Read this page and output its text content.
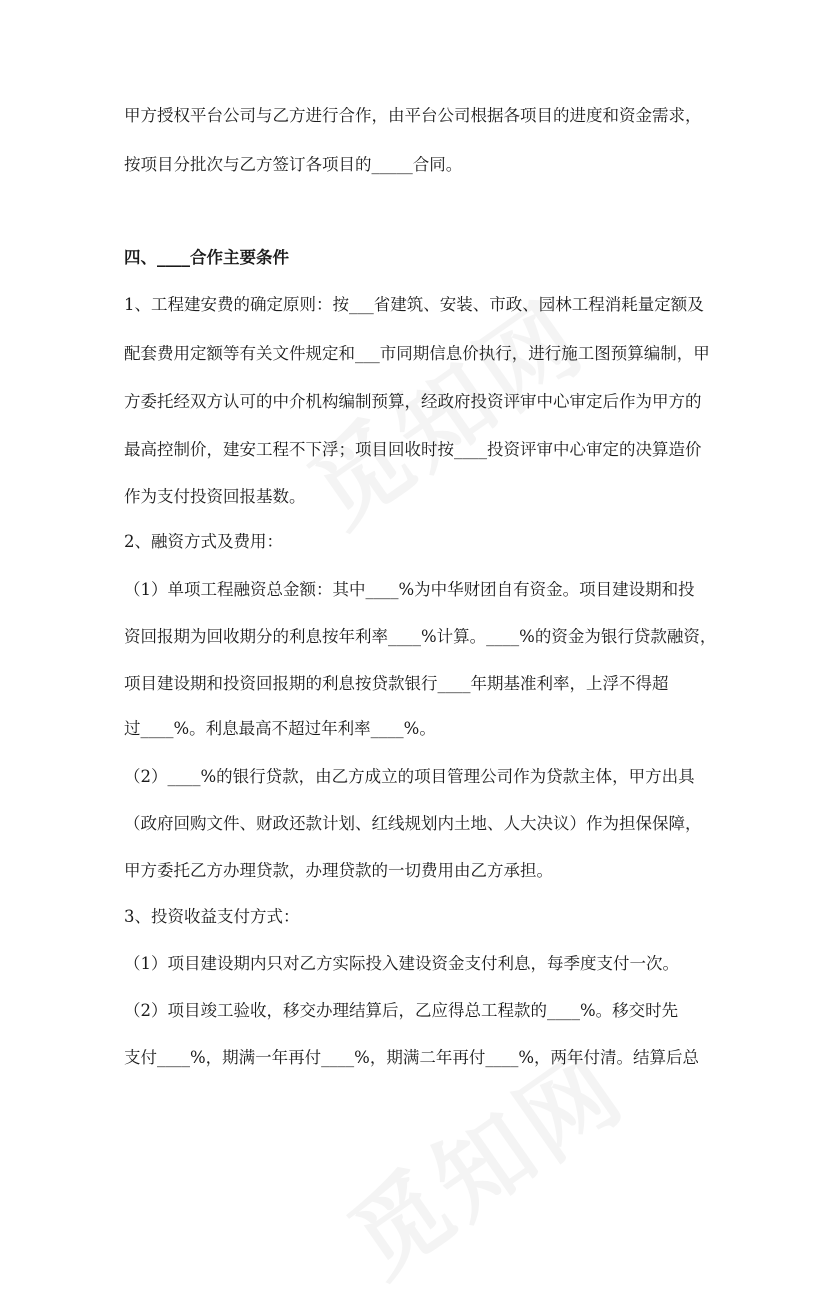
甲方授权平台公司与乙方进行合作，由平台公司根据各项目的进度和资金需求，
按项目分批次与乙方签订各项目的_____合同。
四、____合作主要条件
1、工程建安费的确定原则：按___省建筑、安装、市政、园林工程消耗量定额及
配套费用定额等有关文件规定和___市同期信息价执行，进行施工图预算编制，甲
方委托经双方认可的中介机构编制预算，经政府投资评审中心审定后作为甲方的
最高控制价，建安工程不下浮；项目回收时按____投资评审中心审定的决算造价
作为支付投资回报基数。
2、融资方式及费用：
（1）单项工程融资总金额：其中____%为中华财团自有资金。项目建设期和投
资回报期为回收期分的利息按年利率____%计算。____%的资金为银行贷款融资，
项目建设期和投资回报期的利息按贷款银行____年期基准利率，上浮不得超
过____%。利息最高不超过年利率____%。
（2）____%的银行贷款，由乙方成立的项目管理公司作为贷款主体，甲方出具
（政府回购文件、财政还款计划、红线规划内土地、人大决议）作为担保保障，
甲方委托乙方办理贷款，办理贷款的一切费用由乙方承担。
3、投资收益支付方式：
（1）项目建设期内只对乙方实际投入建设资金支付利息，每季度支付一次。
（2）项目竣工验收，移交办理结算后，乙应得总工程款的____%。移交时先
支付____%，期满一年再付____%，期满二年再付____%，两年付清。结算后总
